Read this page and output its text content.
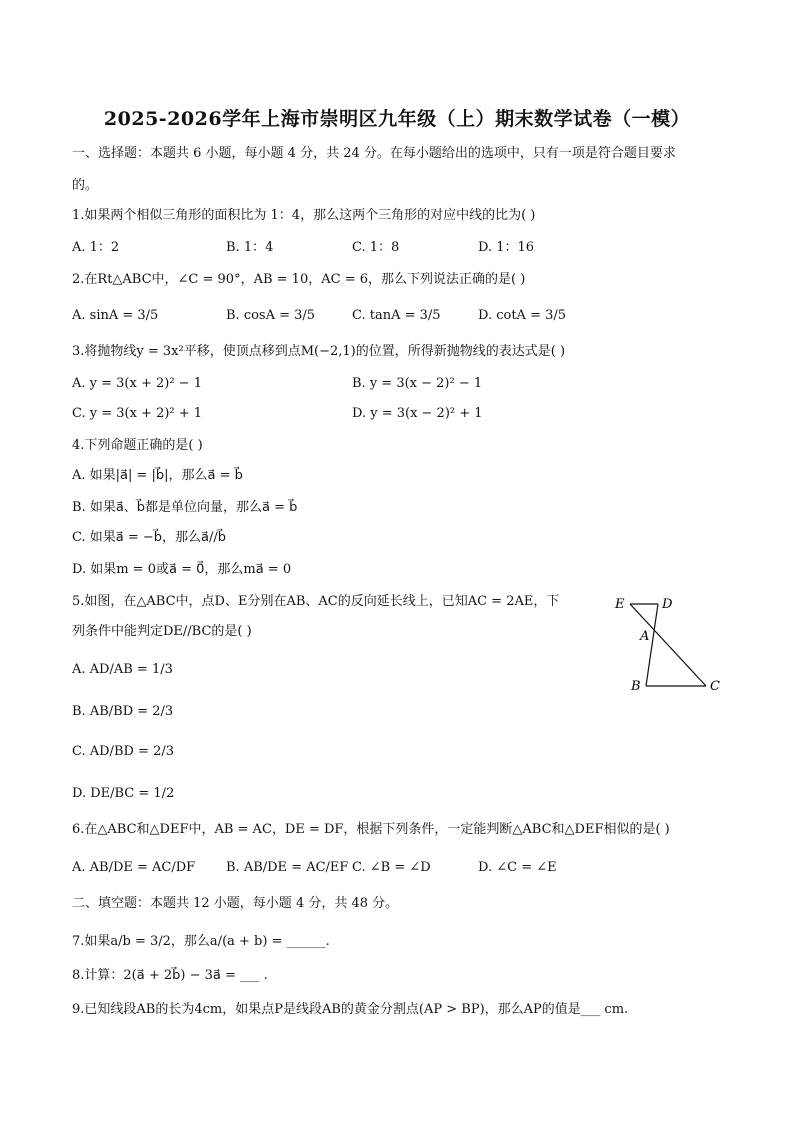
2025-2026学年上海市崇明区九年级（上）期末数学试卷（一模）
一、选择题：本题共 6 小题，每小题 4 分，共 24 分。在每小题给出的选项中，只有一项是符合题目要求
的。
1.如果两个相似三角形的面积比为 1：4，那么这两个三角形的对应中线的比为( )
A. 1：2	B. 1：4	C. 1：8	D. 1：16
2.在Rt△ABC中，∠C = 90°，AB = 10，AC = 6，那么下列说法正确的是( )
A. sinA = 3/5	B. cosA = 3/5	C. tanA = 3/5	D. cotA = 3/5
3.将抛物线y = 3x²平移，使顶点移到点M(−2,1)的位置，所得新抛物线的表达式是( )
A. y = 3(x + 2)² − 1	B. y = 3(x − 2)² − 1
C. y = 3(x + 2)² + 1	D. y = 3(x − 2)² + 1
4.下列命题正确的是( )
A. 如果|a⃗| = |b⃗|，那么a⃗ = b⃗
B. 如果a⃗、b⃗都是单位向量，那么a⃗ = b⃗
C. 如果a⃗ = −b⃗，那么a⃗//b⃗
D. 如果m = 0或a⃗ = 0⃗，那么ma⃗ = 0
5.如图，在△ABC中，点D、E分别在AB、AC的反向延长线上，已知AC = 2AE，下
列条件中能判定DE//BC的是( )
A. AD/AB = 1/3
B. AB/BD = 2/3
C. AD/BD = 2/3
D. DE/BC = 1/2
E	D
A
B	C
6.在△ABC和△DEF中，AB = AC，DE = DF，根据下列条件，一定能判断△ABC和△DEF相似的是( )
A. AB/DE = AC/DF B. AB/DE = AC/EF C. ∠B = ∠D	D. ∠C = ∠E
二、填空题：本题共 12 小题，每小题 4 分，共 48 分。
7.如果a/b = 3/2，那么a/(a + b) = ______.
8.计算：2(a⃗ + 2b⃗) − 3a⃗ = ___ .
9.已知线段AB的长为4cm，如果点P是线段AB的黄金分割点(AP > BP)，那么AP的值是___ cm.
